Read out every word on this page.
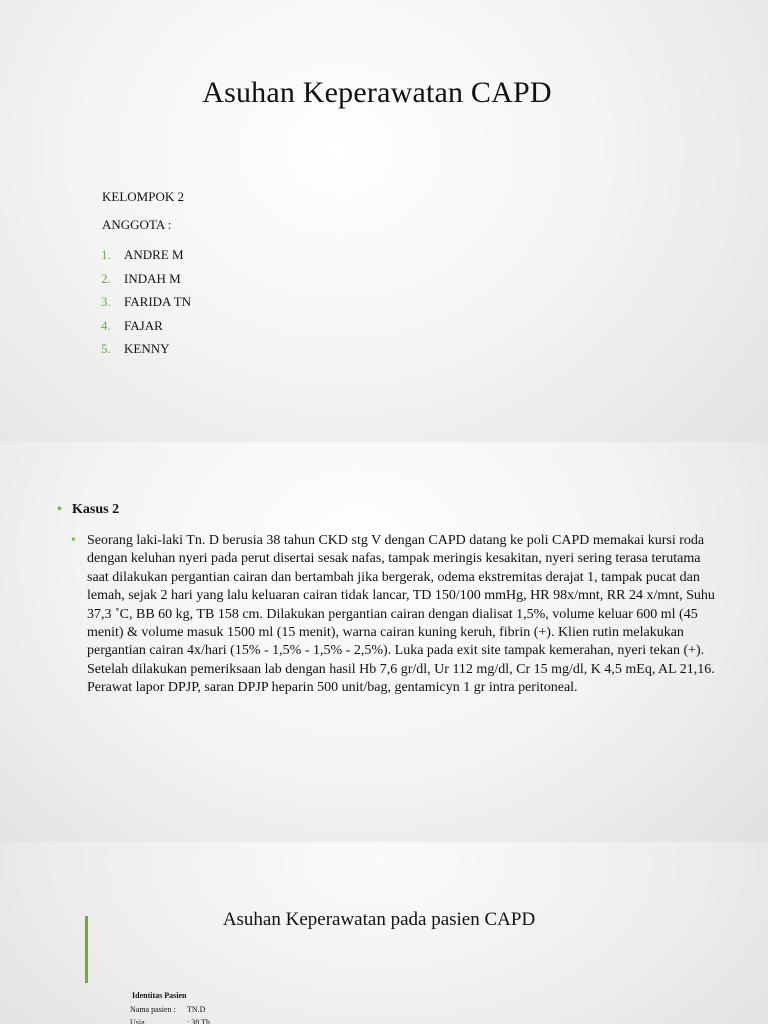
Asuhan Keperawatan CAPD
KELOMPOK 2
ANGGOTA :
1. ANDRE M
2. INDAH M
3. FARIDA TN
4. FAJAR
5. KENNY
• Kasus 2
• Seorang laki-laki Tn. D berusia 38 tahun CKD stg V dengan CAPD datang ke poli CAPD memakai kursi roda dengan keluhan nyeri pada perut disertai sesak nafas, tampak meringis kesakitan, nyeri sering terasa terutama saat dilakukan pergantian cairan dan bertambah jika bergerak, odema ekstremitas derajat 1, tampak pucat dan lemah, sejak 2 hari yang lalu keluaran cairan tidak lancar, TD 150/100 mmHg, HR 98x/mnt, RR 24 x/mnt, Suhu 37,3 ˚C, BB 60 kg, TB 158 cm. Dilakukan pergantian cairan dengan dialisat 1,5%, volume keluar 600 ml (45 menit) & volume masuk 1500 ml (15 menit), warna cairan kuning keruh, fibrin (+). Klien rutin melakukan pergantian cairan 4x/hari (15% - 1,5% - 1,5% - 2,5%). Luka pada exit site tampak kemerahan, nyeri tekan (+). Setelah dilakukan pemeriksaan lab dengan hasil Hb 7,6 gr/dl, Ur 112 mg/dl, Cr 15 mg/dl, K 4,5 mEq, AL 21,16. Perawat lapor DPJP, saran DPJP heparin 500 unit/bag, gentamicyn 1 gr intra peritoneal.
Asuhan Keperawatan pada pasien CAPD
Identitas Pasien
Nama pasien : TN.D
Usia	: 38 Th
